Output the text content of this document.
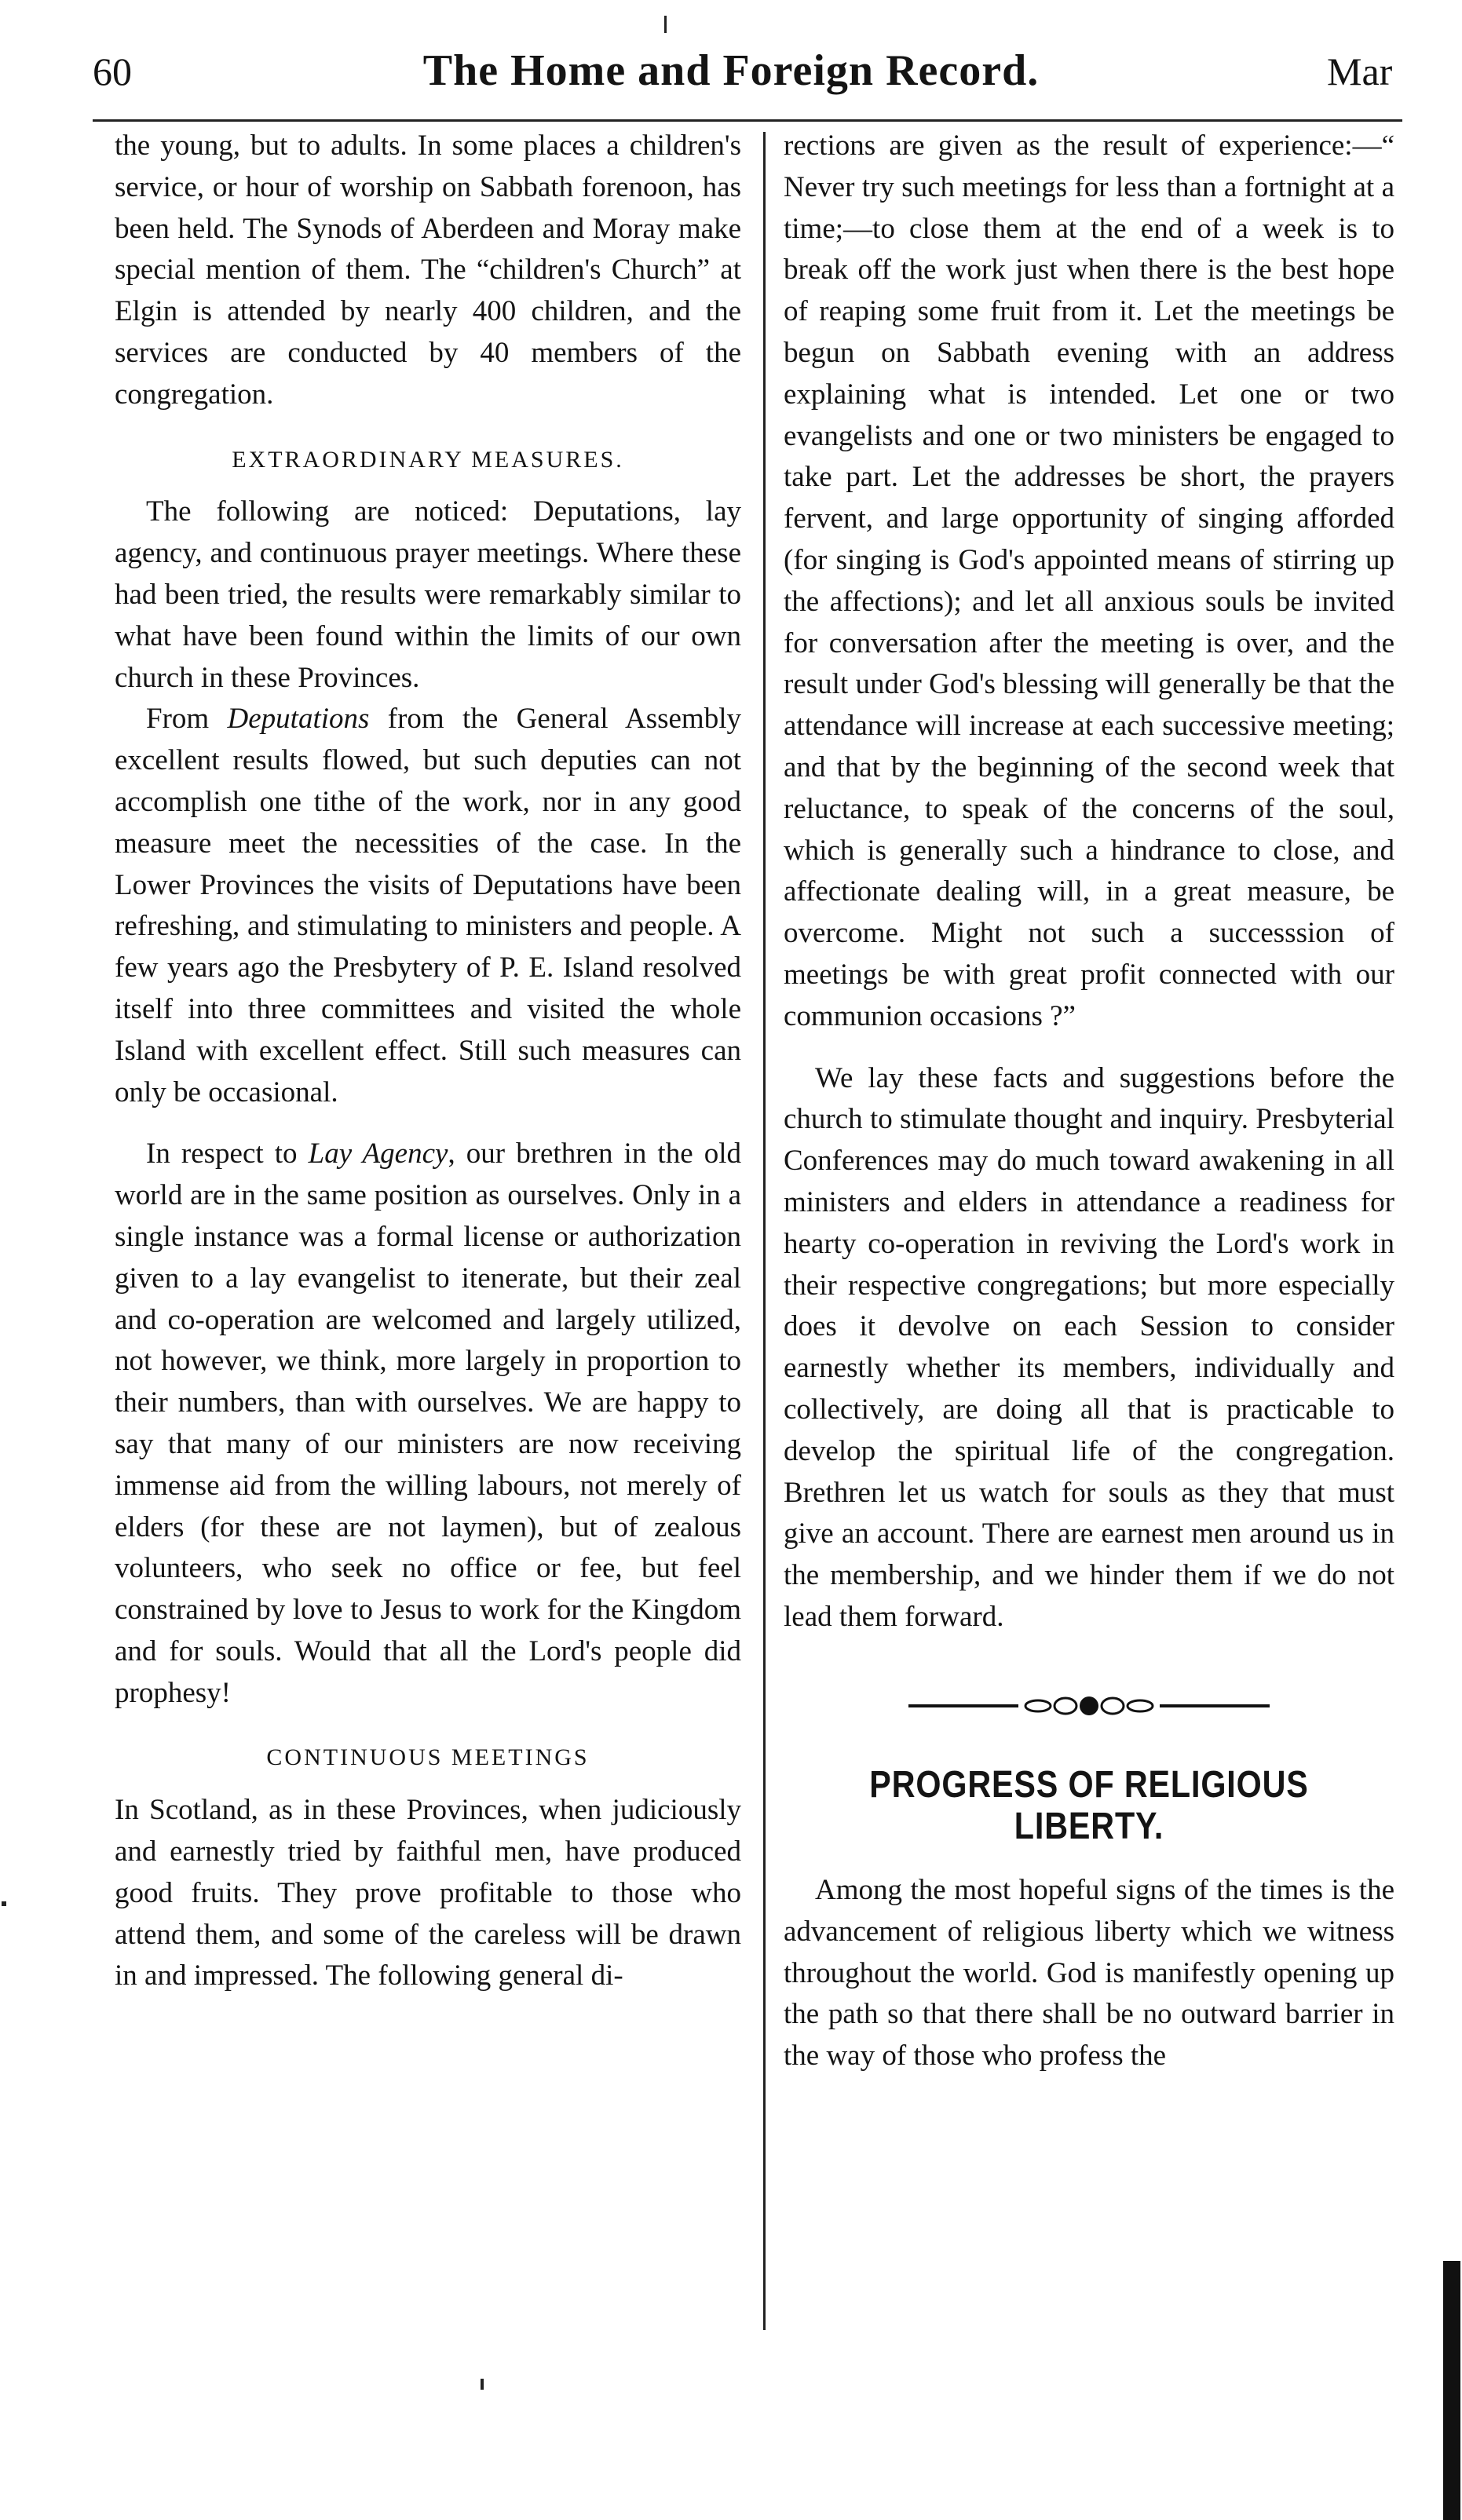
60	The Home and Foreign Record.	Mar

the young, but to adults. In some places a children's service, or hour of worship on Sabbath forenoon, has been held. The Synods of Aberdeen and Moray make special mention of them. The “children's Church” at Elgin is attended by nearly 400 children, and the services are conducted by 40 members of the congregation.

EXTRAORDINARY MEASURES.

The following are noticed: Deputations, lay agency, and continuous prayer meetings. Where these had been tried, the results were remarkably similar to what have been found within the limits of our own church in these Provinces.

From Deputations from the General Assembly excellent results flowed, but such deputies can not accomplish one tithe of the work, nor in any good measure meet the necessities of the case. In the Lower Provinces the visits of Deputations have been refreshing, and stimulating to ministers and people. A few years ago the Presbytery of P. E. Island resolved itself into three committees and visited the whole Island with excellent effect. Still such measures can only be occasional.

In respect to Lay Agency, our brethren in the old world are in the same position as ourselves. Only in a single instance was a formal license or authorization given to a lay evangelist to itenerate, but their zeal and co-operation are welcomed and largely utilized, not however, we think, more largely in proportion to their numbers, than with ourselves. We are happy to say that many of our ministers are now receiving immense aid from the willing labours, not merely of elders (for these are not laymen), but of zealous volunteers, who seek no office or fee, but feel constrained by love to Jesus to work for the Kingdom and for souls. Would that all the Lord's people did prophesy!

CONTINUOUS MEETINGS

In Scotland, as in these Provinces, when judiciously and earnestly tried by faithful men, have produced good fruits. They prove profitable to those who attend them, and some of the careless will be drawn in and impressed. The following general di-

rections are given as the result of experience:—“ Never try such meetings for less than a fortnight at a time;—to close them at the end of a week is to break off the work just when there is the best hope of reaping some fruit from it. Let the meetings be begun on Sabbath evening with an address explaining what is intended. Let one or two evangelists and one or two ministers be engaged to take part. Let the addresses be short, the prayers fervent, and large opportunity of singing afforded (for singing is God's appointed means of stirring up the affections); and let all anxious souls be invited for conversation after the meeting is over, and the result under God's blessing will generally be that the attendance will increase at each successive meeting; and that by the beginning of the second week that reluctance, to speak of the concerns of the soul, which is generally such a hindrance to close, and affectionate dealing will, in a great measure, be overcome. Might not such a successsion of meetings be with great profit connected with our communion occasions ?”

We lay these facts and suggestions before the church to stimulate thought and inquiry. Presbyterial Conferences may do much toward awakening in all ministers and elders in attendance a readiness for hearty co-operation in reviving the Lord's work in their respective congregations; but more especially does it devolve on each Session to consider earnestly whether its members, individually and collectively, are doing all that is practicable to develop the spiritual life of the congregation. Brethren let us watch for souls as they that must give an account. There are earnest men around us in the membership, and we hinder them if we do not lead them forward.

PROGRESS OF RELIGIOUS LIBERTY.

Among the most hopeful signs of the times is the advancement of religious liberty which we witness throughout the world. God is manifestly opening up the path so that there shall be no outward barrier in the way of those who profess the
